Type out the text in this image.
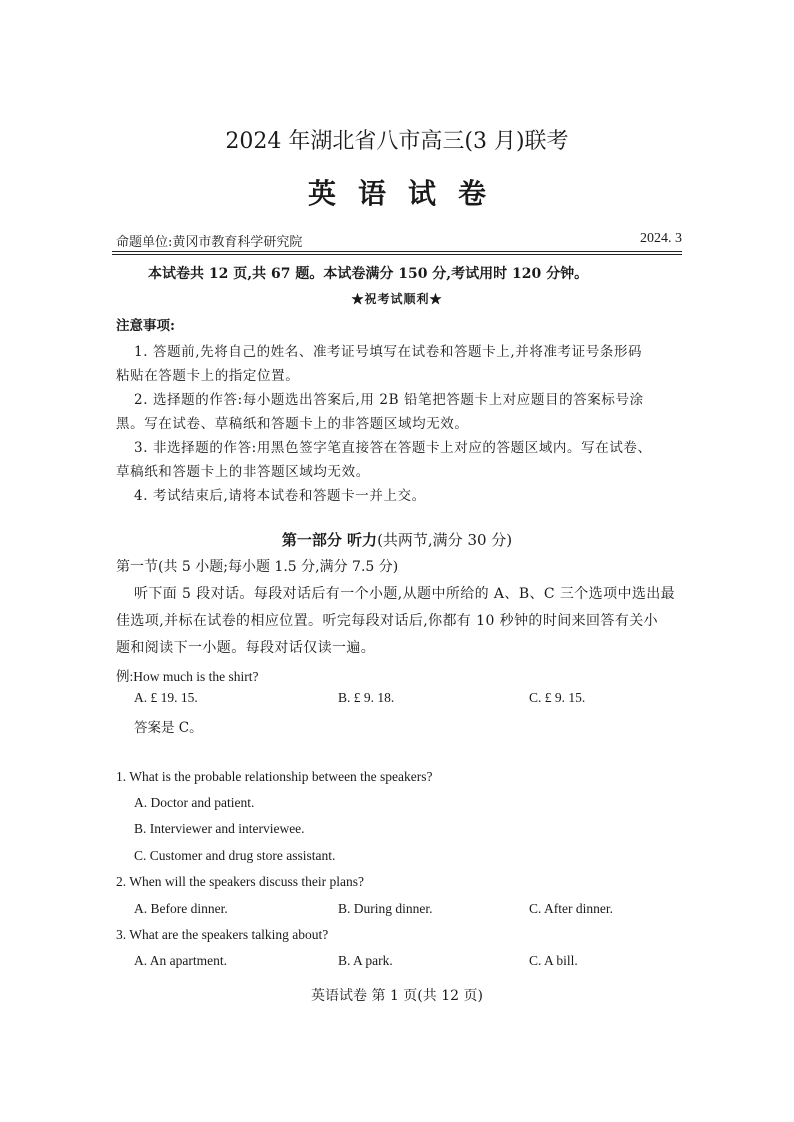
2024 年湖北省八市高三(3 月)联考
英语试卷
命题单位:黄冈市教育科学研究院	2024. 3
本试卷共 12 页,共 67 题。本试卷满分 150 分,考试用时 120 分钟。
★祝考试顺利★
注意事项:
1. 答题前,先将自己的姓名、准考证号填写在试卷和答题卡上,并将准考证号条形码
粘贴在答题卡上的指定位置。
2. 选择题的作答:每小题选出答案后,用 2B 铅笔把答题卡上对应题目的答案标号涂
黑。写在试卷、草稿纸和答题卡上的非答题区域均无效。
3. 非选择题的作答:用黑色签字笔直接答在答题卡上对应的答题区域内。写在试卷、
草稿纸和答题卡上的非答题区域均无效。
4. 考试结束后,请将本试卷和答题卡一并上交。
第一部分 听力(共两节,满分 30 分)
第一节(共 5 小题;每小题 1.5 分,满分 7.5 分)
听下面 5 段对话。每段对话后有一个小题,从题中所给的 A、B、C 三个选项中选出最
佳选项,并标在试卷的相应位置。听完每段对话后,你都有 10 秒钟的时间来回答有关小
题和阅读下一小题。每段对话仅读一遍。
例:How much is the shirt?
A. £ 19. 15.	B. £ 9. 18.	C. £ 9. 15.
答案是 C。
1. What is the probable relationship between the speakers?
A. Doctor and patient.
B. Interviewer and interviewee.
C. Customer and drug store assistant.
2. When will the speakers discuss their plans?
A. Before dinner.	B. During dinner.	C. After dinner.
3. What are the speakers talking about?
A. An apartment.	B. A park.	C. A bill.
英语试卷 第 1 页(共 12 页)
